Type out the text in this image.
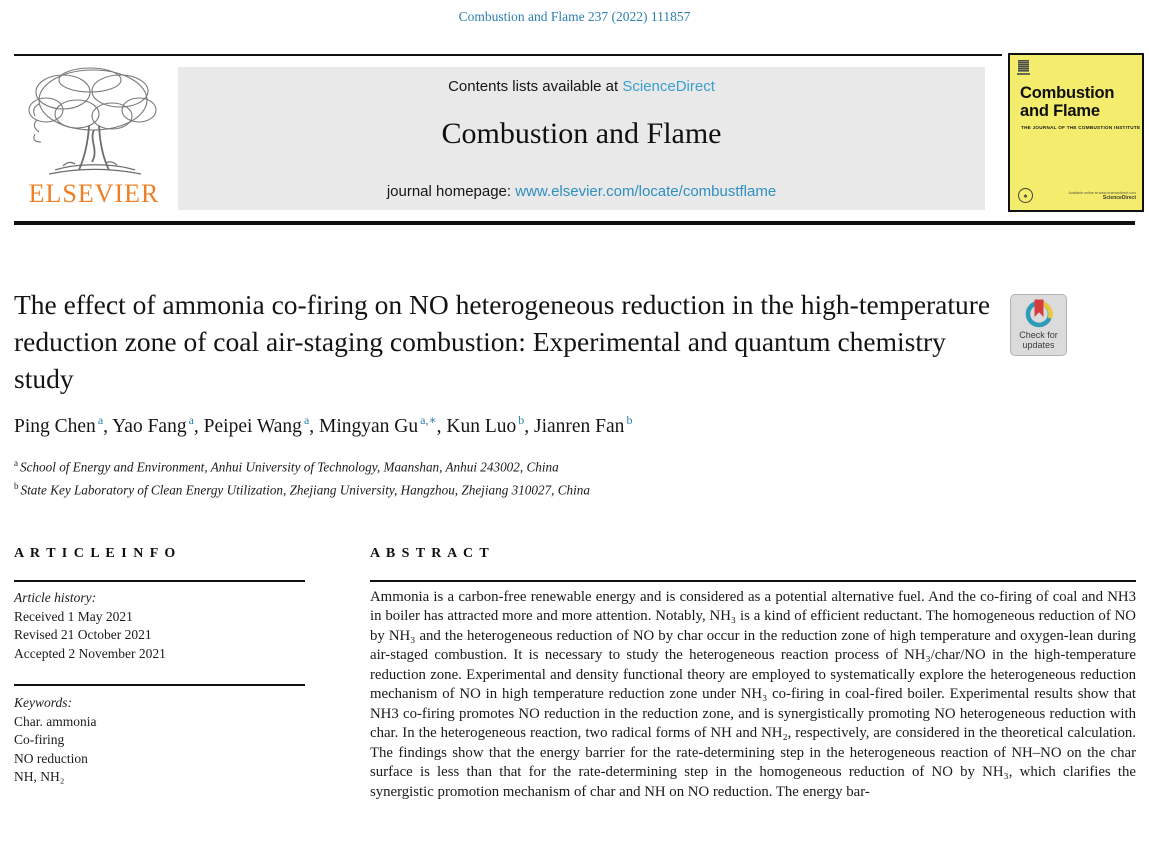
Combustion and Flame 237 (2022) 111857
ELSEVIER
Contents lists available at ScienceDirect
Combustion and Flame
journal homepage: www.elsevier.com/locate/combustflame
Combustion
and Flame
THE JOURNAL OF THE COMBUSTION INSTITUTE
♠	Available online at www.sciencedirect.com
ScienceDirect
The effect of ammonia co-firing on NO heterogeneous reduction in the high-temperature reduction zone of coal air-staging combustion: Experimental and quantum chemistry study
Check for
updates
Ping Chen $^a$, Yao Fang $^a$, Peipei Wang $^a$, Mingyan Gu $^{a,∗}$, Kun Luo $^b$, Jianren Fan $^b$
$^a$ School of Energy and Environment, Anhui University of Technology, Maanshan, Anhui 243002, China
$^b$ State Key Laboratory of Clean Energy Utilization, Zhejiang University, Hangzhou, Zhejiang 310027, China
A R T I C L E I N F O
Article history:
Received 1 May 2021
Revised 21 October 2021
Accepted 2 November 2021
Keywords:
Char. ammonia
Co-firing
NO reduction
NH, NH₂
A B S T R A C T
Ammonia is a carbon-free renewable energy and is considered as a potential alternative fuel. And the co-firing of coal and NH3 in boiler has attracted more and more attention. Notably, NH₃ is a kind of efficient reductant. The homogeneous reduction of NO by NH₃ and the heterogeneous reduction of NO by char occur in the reduction zone of high temperature and oxygen-lean during air-staged combustion. It is necessary to study the heterogeneous reaction process of NH₃/char/NO in the high-temperature reduction zone. Experimental and density functional theory are employed to systematically explore the heterogeneous reduction mechanism of NO in high temperature reduction zone under NH₃ co-firing in coal-fired boiler. Experimental results show that NH3 co-firing promotes NO reduction in the reduction zone, and is synergistically promoting NO heterogeneous reduction with char. In the heterogeneous reaction, two radical forms of NH and NH₂, respectively, are considered in the theoretical calculation. The findings show that the energy barrier for the rate-determining step in the heterogeneous reaction of NH–NO on the char surface is less than that for the rate-determining step in the homogeneous reduction of NO by NH₃, which clarifies the synergistic promotion mechanism of char and NH on NO reduction. The energy bar-
